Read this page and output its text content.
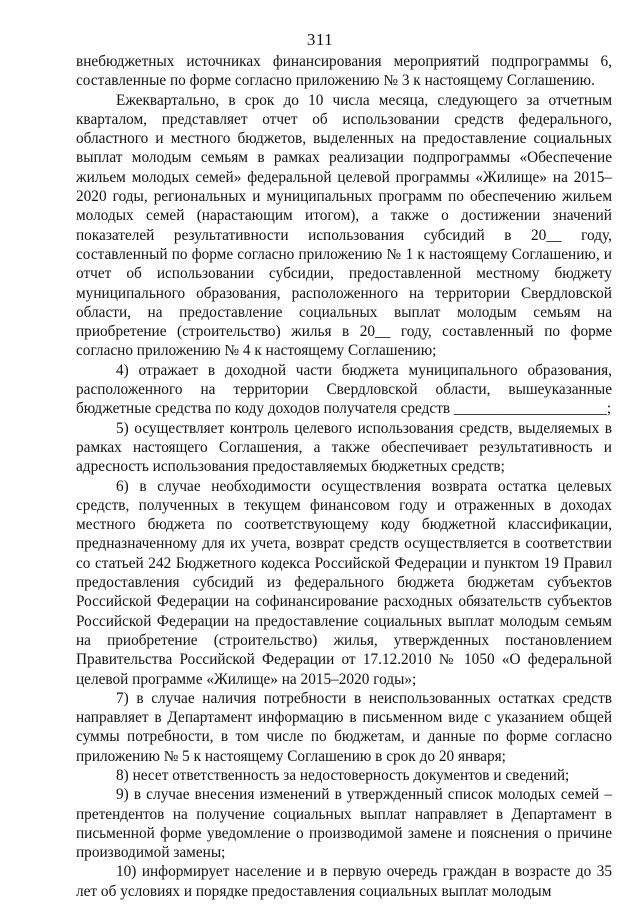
311

внебюджетных источниках финансирования мероприятий подпрограммы 6, составленные по форме согласно приложению № 3 к настоящему Соглашению.

Ежеквартально, в срок до 10 числа месяца, следующего за отчетным кварталом, представляет отчет об использовании средств федерального, областного и местного бюджетов, выделенных на предоставление социальных выплат молодым семьям в рамках реализации подпрограммы «Обеспечение жильем молодых семей» федеральной целевой программы «Жилище» на 2015–2020 годы, региональных и муниципальных программ по обеспечению жильем молодых семей (нарастающим итогом), а также о достижении значений показателей результативности использования субсидий в 20__ году, составленный по форме согласно приложению № 1 к настоящему Соглашению, и отчет об использовании субсидии, предоставленной местному бюджету муниципального образования, расположенного на территории Свердловской области, на предоставление социальных выплат молодым семьям на приобретение (строительство) жилья в 20__ году, составленный по форме согласно приложению № 4 к настоящему Соглашению;

4) отражает в доходной части бюджета муниципального образования, расположенного на территории Свердловской области, вышеуказанные бюджетные средства по коду доходов получателя средств ____________________;

5) осуществляет контроль целевого использования средств, выделяемых в рамках настоящего Соглашения, а также обеспечивает результативность и адресность использования предоставляемых бюджетных средств;

6) в случае необходимости осуществления возврата остатка целевых средств, полученных в текущем финансовом году и отраженных в доходах местного бюджета по соответствующему коду бюджетной классификации, предназначенному для их учета, возврат средств осуществляется в соответствии со статьей 242 Бюджетного кодекса Российской Федерации и пунктом 19 Правил предоставления субсидий из федерального бюджета бюджетам субъектов Российской Федерации на софинансирование расходных обязательств субъектов Российской Федерации на предоставление социальных выплат молодым семьям на приобретение (строительство) жилья, утвержденных постановлением Правительства Российской Федерации от 17.12.2010 № 1050 «О федеральной целевой программе «Жилище» на 2015–2020 годы»;

7) в случае наличия потребности в неиспользованных остатках средств направляет в Департамент информацию в письменном виде с указанием общей суммы потребности, в том числе по бюджетам, и данные по форме согласно приложению № 5 к настоящему Соглашению в срок до 20 января;

8) несет ответственность за недостоверность документов и сведений;

9) в случае внесения изменений в утвержденный список молодых семей – претендентов на получение социальных выплат направляет в Департамент в письменной форме уведомление о производимой замене и пояснения о причине производимой замены;

10) информирует население и в первую очередь граждан в возрасте до 35 лет об условиях и порядке предоставления социальных выплат молодым
